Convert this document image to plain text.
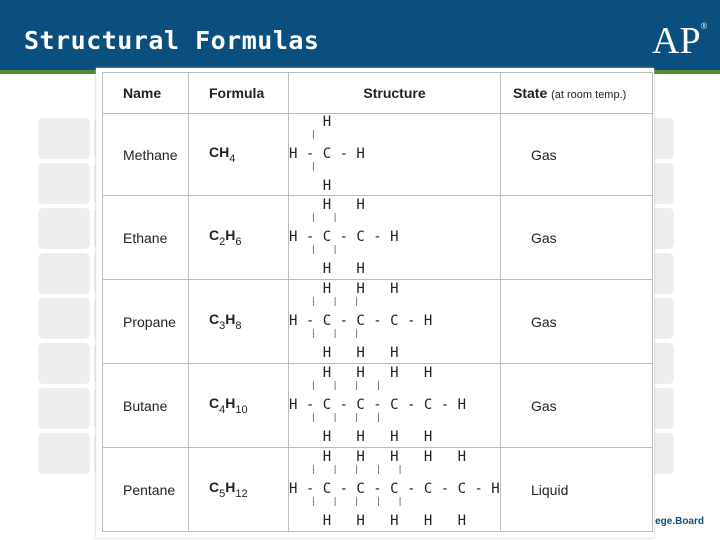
Structural Formulas	AP®
ege.Board
Name	Formula	Structure	State (at room temp.)
Methane	$CH_4$	H
|
H - C - H
|
H	Gas
Ethane	$C_2H_6$	H   H
|   |
H - C - C - H
|   |
H   H	Gas
Propane	$C_3H_8$	H   H   H
|   |   |
H - C - C - C - H
|   |   |
H   H   H	Gas
Butane	$C_4H_{10}$	H   H   H   H
|   |   |   |
H - C - C - C - C - H
|   |   |   |
H   H   H   H	Gas
Pentane	$C_5H_{12}$	H   H   H   H   H
|   |   |   |   |
H - C - C - C - C - C - H
|   |   |   |   |
H   H   H   H   H	Liquid
